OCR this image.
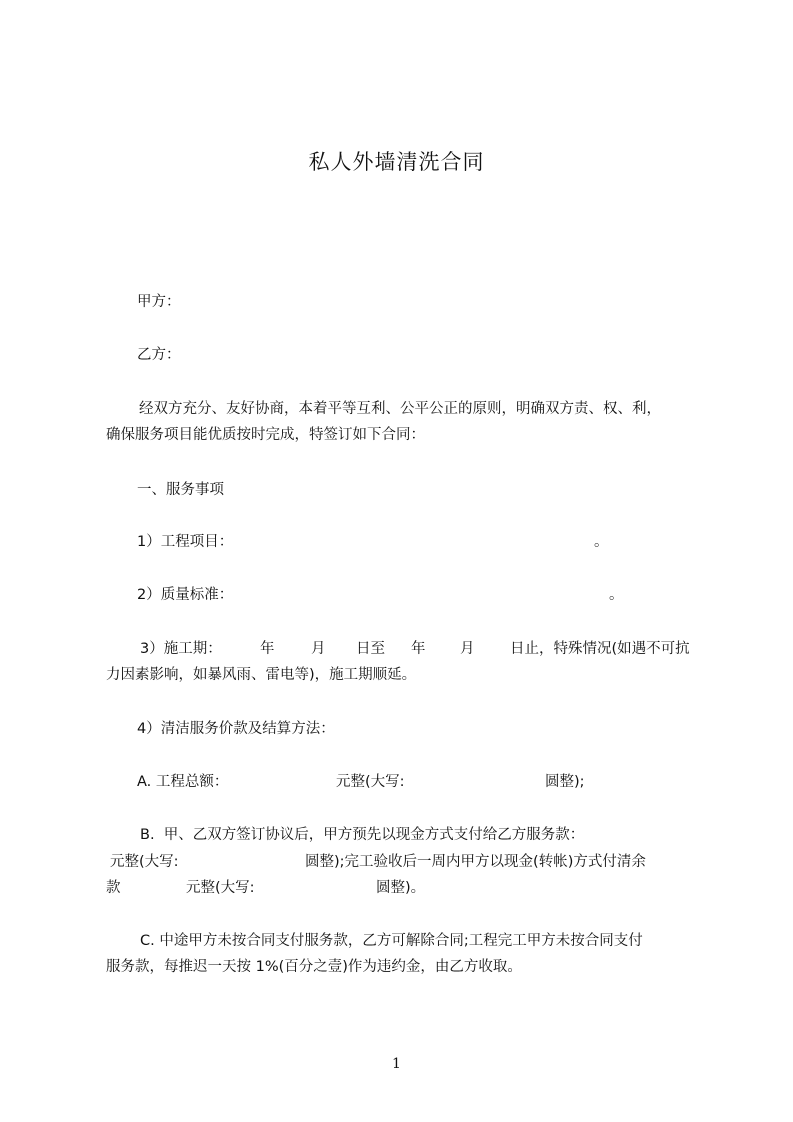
私人外墙清洗合同
甲方：
乙方：
经双方充分、友好协商，本着平等互利、公平公正的原则，明确双方责、权、利，
确保服务项目能优质按时完成，特签订如下合同：
一、服务事项
1）工程项目：	。
2）质量标准：	。
3）施工期：	年	月 日至 年 月 日止，特殊情况(如遇不可抗
力因素影响，如暴风雨、雷电等)，施工期顺延。
4）清洁服务价款及结算方法：
A. 工程总额：	元整(大写:	圆整);
B.  甲、乙双方签订协议后，甲方预先以现金方式支付给乙方服务款：
元整(大写:	圆整);完工验收后一周内甲方以现金(转帐)方式付清余
款	元整(大写:	圆整)。
C. 中途甲方未按合同支付服务款，乙方可解除合同;工程完工甲方未按合同支付
服务款，每推迟一天按 1%(百分之壹)作为违约金，由乙方收取。
1
